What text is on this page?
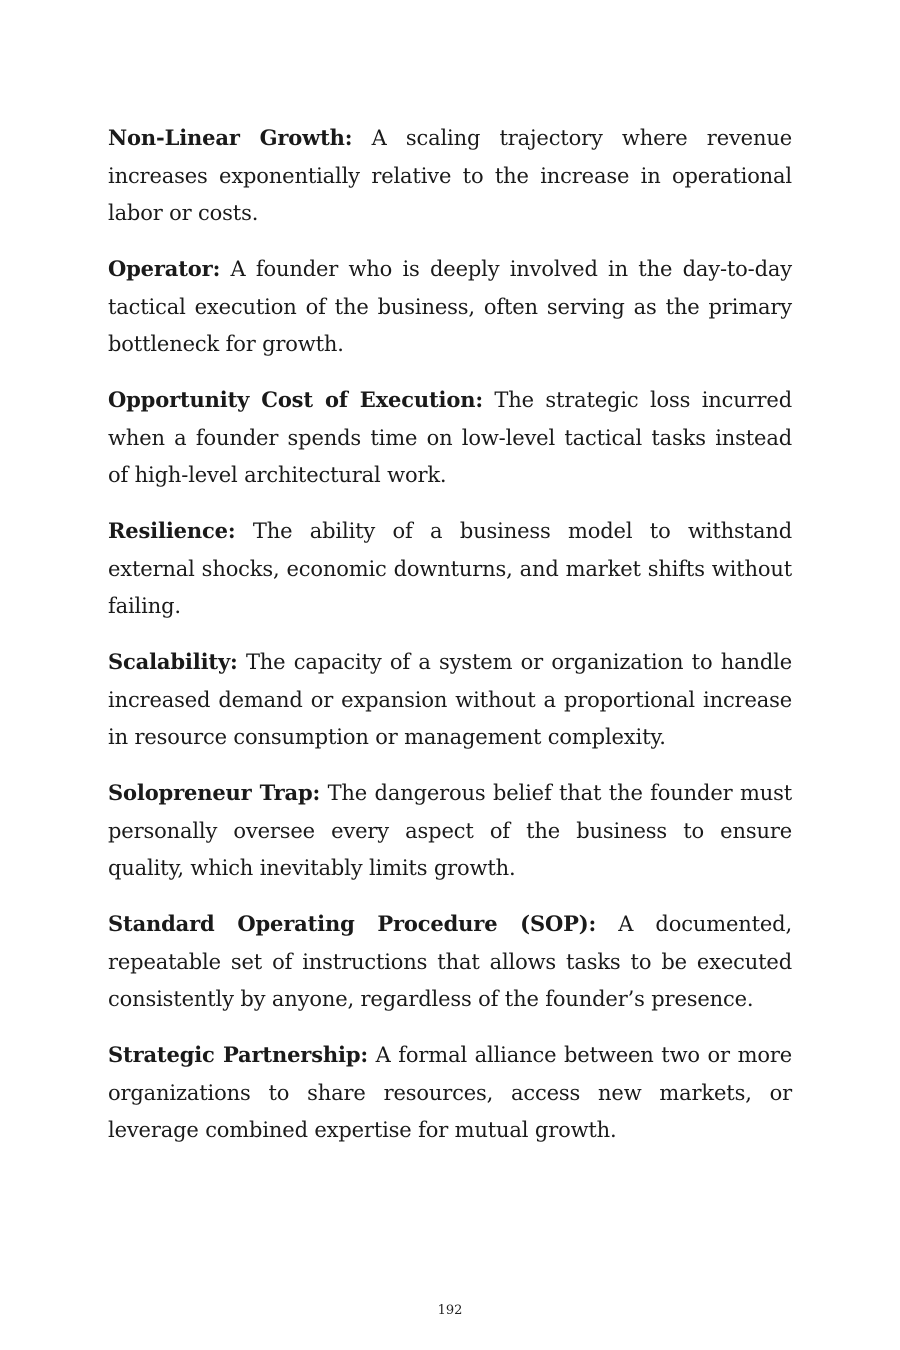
Non-Linear Growth: A scaling trajectory where revenue increases exponentially relative to the increase in operational labor or costs.

Operator: A founder who is deeply involved in the day-to-day tactical execution of the business, often serving as the primary bottleneck for growth.

Opportunity Cost of Execution: The strategic loss incurred when a founder spends time on low-level tactical tasks instead of high-level architectural work.

Resilience: The ability of a business model to withstand external shocks, economic downturns, and market shifts without failing.

Scalability: The capacity of a system or organization to handle increased demand or expansion without a proportional increase in resource consumption or management complexity.

Solopreneur Trap: The dangerous belief that the founder must personally oversee every aspect of the business to ensure quality, which inevitably limits growth.

Standard Operating Procedure (SOP): A documented, repeatable set of instructions that allows tasks to be executed consistently by anyone, regardless of the founder’s presence.

Strategic Partnership: A formal alliance between two or more organizations to share resources, access new markets, or leverage combined expertise for mutual growth.

192
